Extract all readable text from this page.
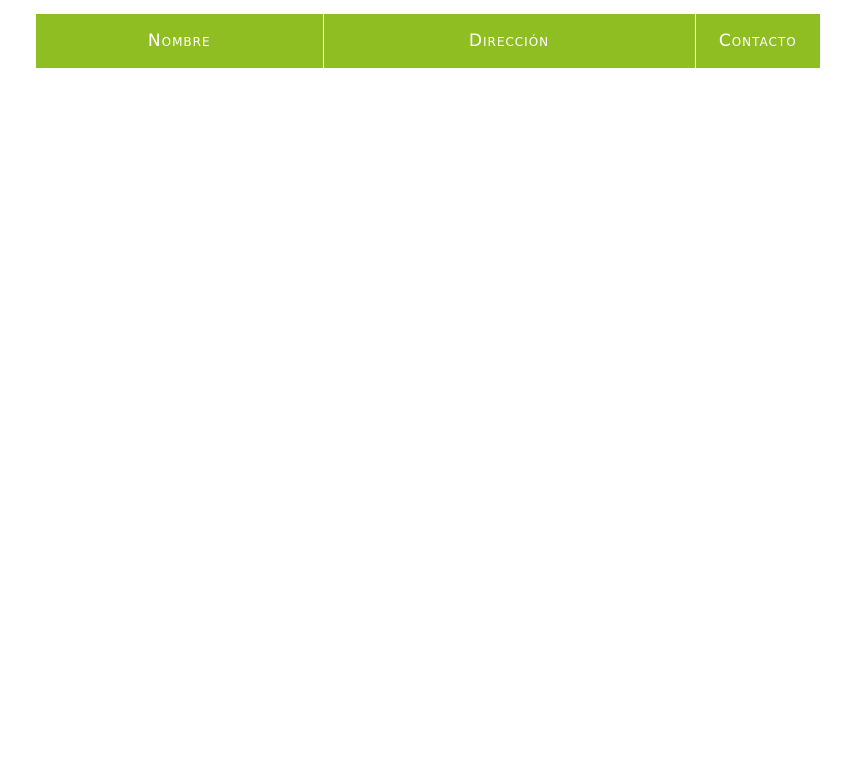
Nombre	Dirección	Contacto
